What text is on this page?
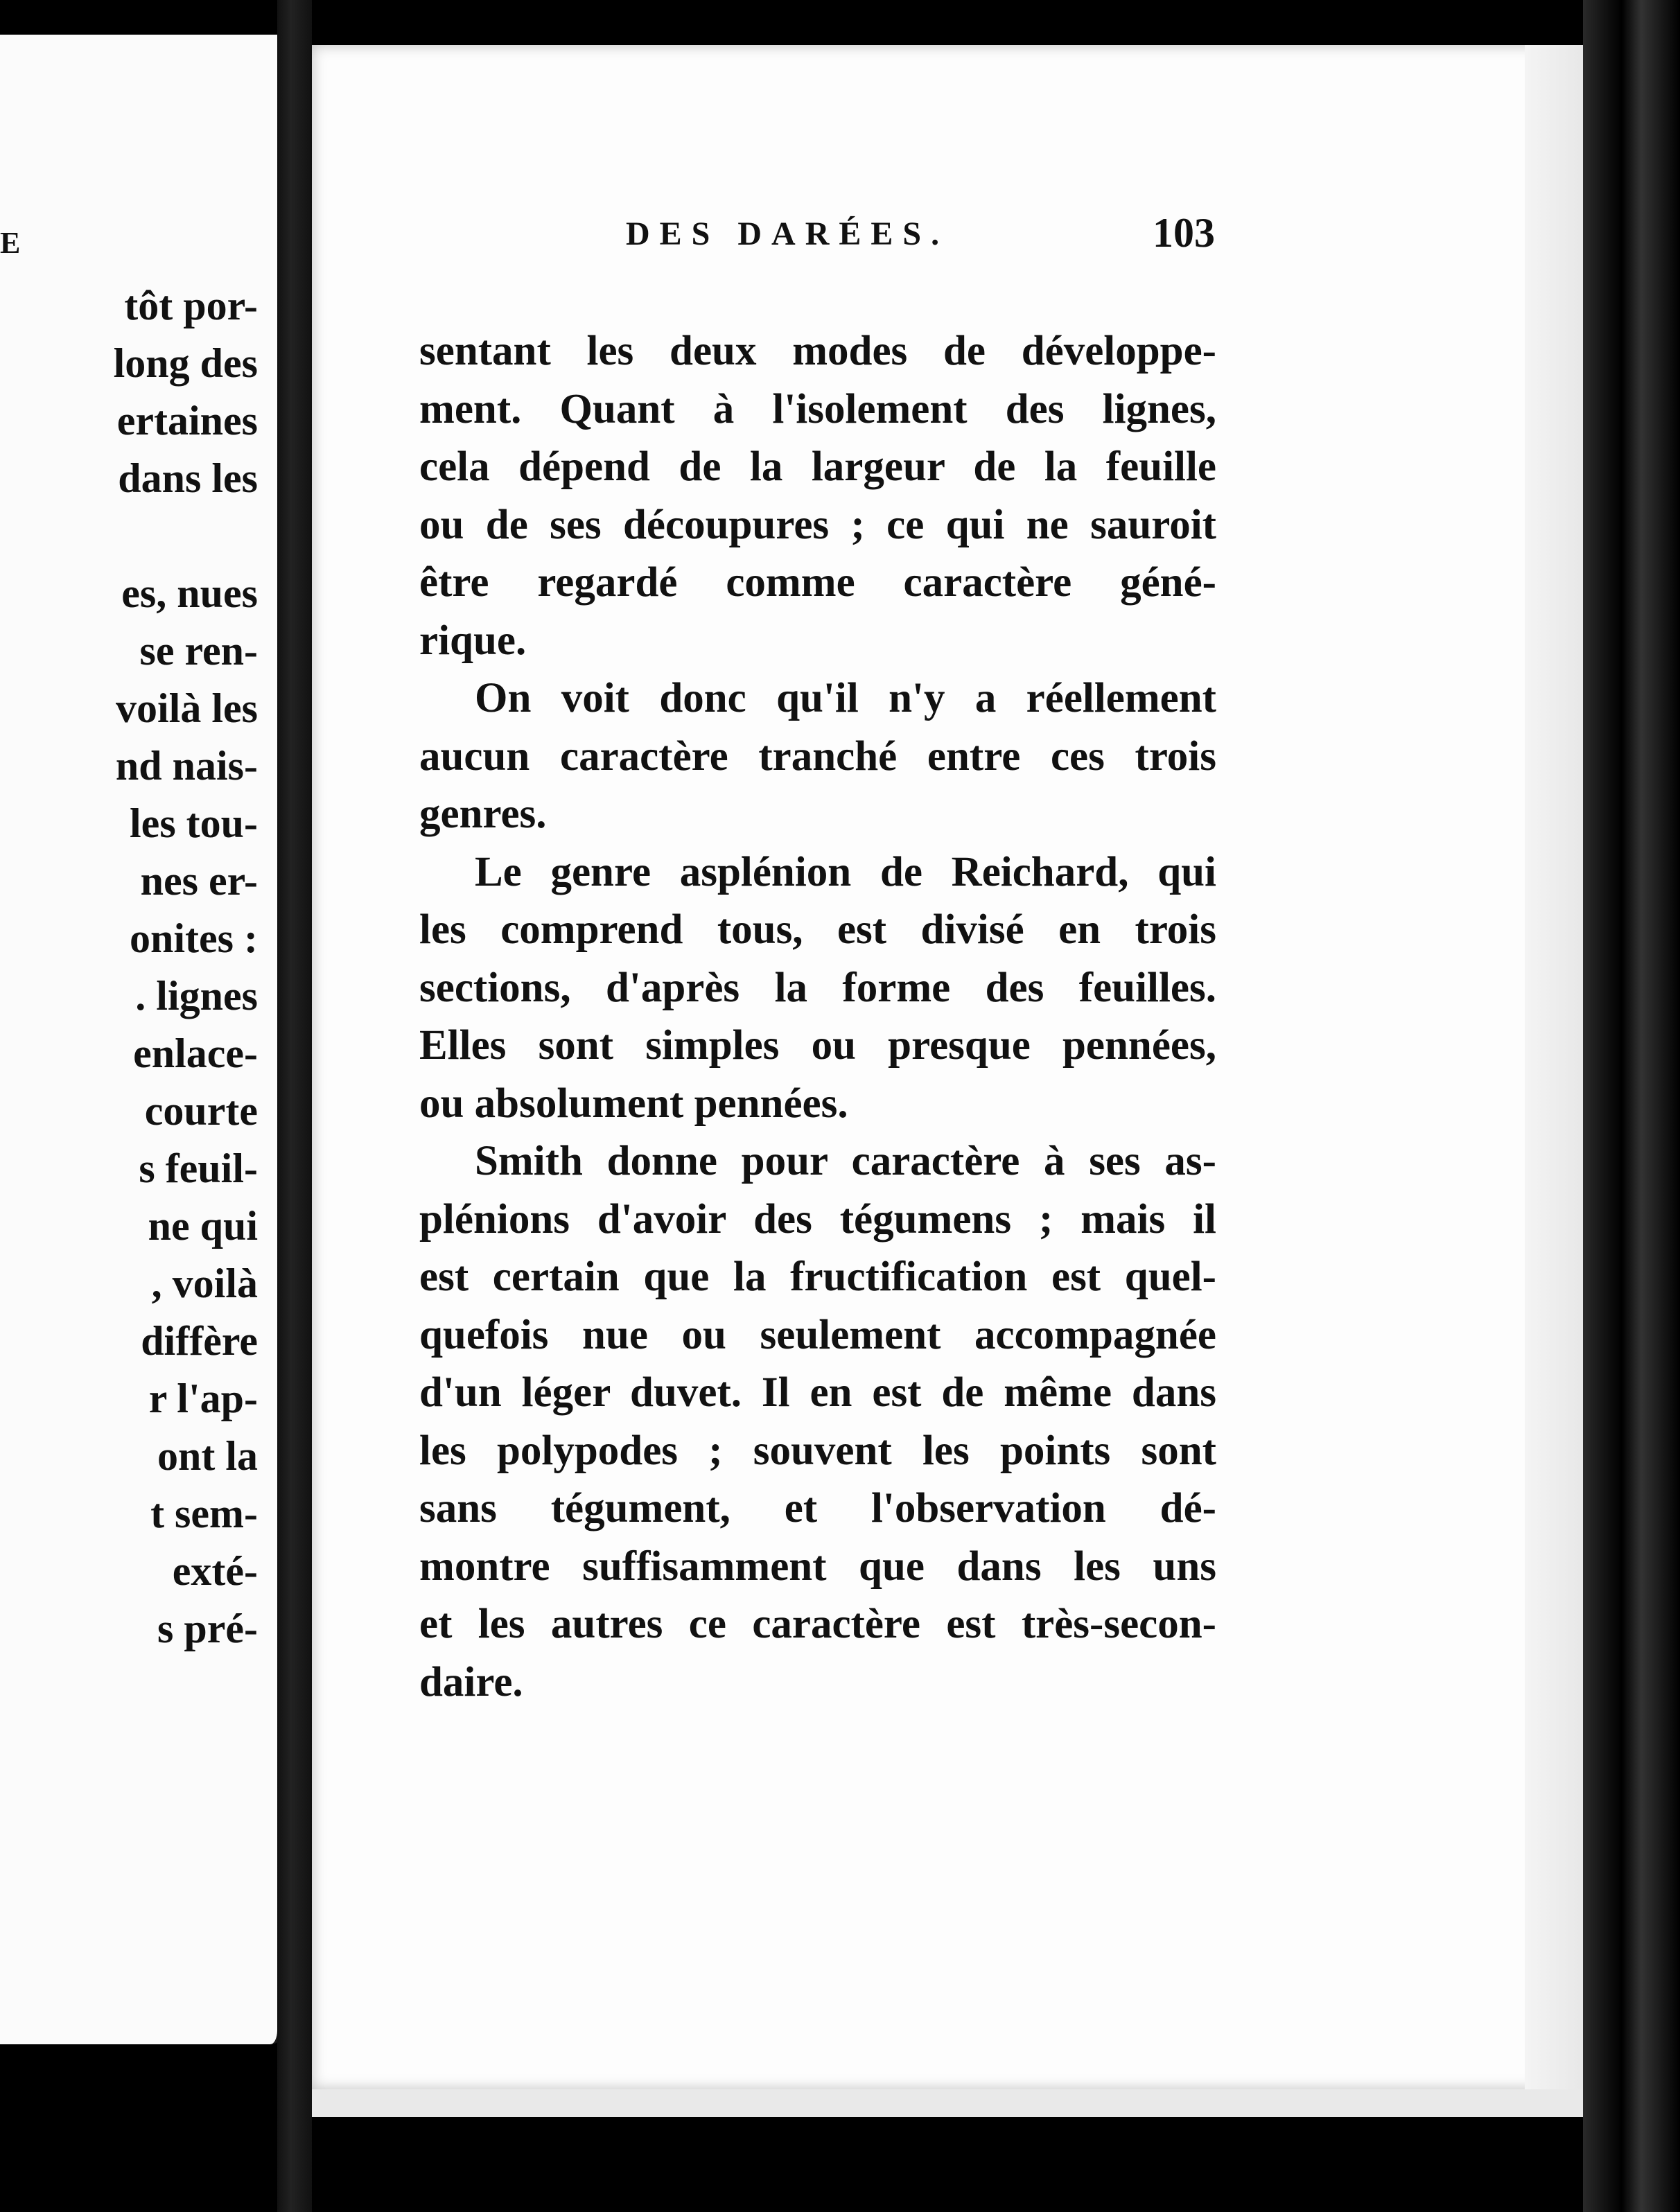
E
tôt por-
long des
ertaines
dans les
es, nues
se ren-
voilà les
nd nais-
les tou-
nes er-
onites :
. lignes
enlace-
courte
s feuil-
ne qui
, voilà
diffère
r l'ap-
ont la
t sem-
exté-
s pré-
DES DARÉES.	103
sentant les deux modes de développe-
ment. Quant à l'isolement des lignes,
cela dépend de la largeur de la feuille
ou de ses découpures ; ce qui ne sauroit
être regardé comme caractère géné-
rique.
On voit donc qu'il n'y a réellement
aucun caractère tranché entre ces trois
genres.
Le genre asplénion de Reichard, qui
les comprend tous, est divisé en trois
sections, d'après la forme des feuilles.
Elles sont simples ou presque pennées,
ou absolument pennées.
Smith donne pour caractère à ses as-
plénions d'avoir des tégumens ; mais il
est certain que la fructification est quel-
quefois nue ou seulement accompagnée
d'un léger duvet. Il en est de même dans
les polypodes ; souvent les points sont
sans tégument, et l'observation dé-
montre suffisamment que dans les uns
et les autres ce caractère est très-secon-
daire.
